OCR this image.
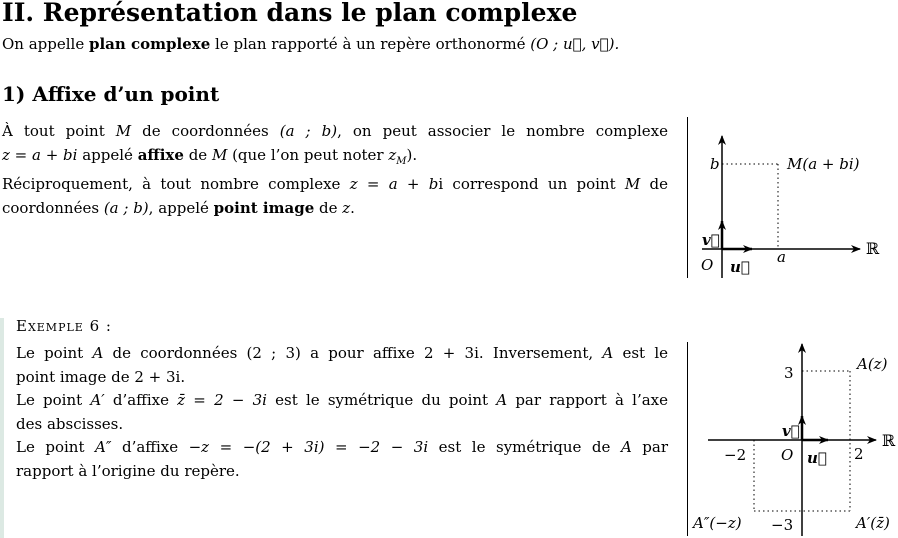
II. Représentation dans le plan complexe
On appelle plan complexe le plan rapporté à un repère orthonormé (O ; u⃗, v⃗).
1) Affixe d’un point

À tout point M de coordonnées (a ; b), on peut associer le nombre complexe

z = a + bi appelé affixe de M (que l’on peut noter $z_M$).

Réciproquement, à tout nombre complexe z = a + bi correspond un point M de

coordonnées (a ; b), appelé point image de z.

b	M(a + bi)
v⃗
O u⃗
a	ℝ
Exemple 6 :

Le point A de coordonnées (2 ; 3) a pour affixe 2 + 3i. Inversement, A est le

point image de 2 + 3i.

Le point A′ d’affixe z̄ = 2 − 3i est le symétrique du point A par rapport à l’axe

des abscisses.

Le point A″ d’affixe −z = −(2 + 3i) = −2 − 3i est le symétrique de A par

rapport à l’origine du repère.

3	A(z)
v⃗
−2 O u⃗ 2
ℝ
A″(−z) −3	A′(z̄)
